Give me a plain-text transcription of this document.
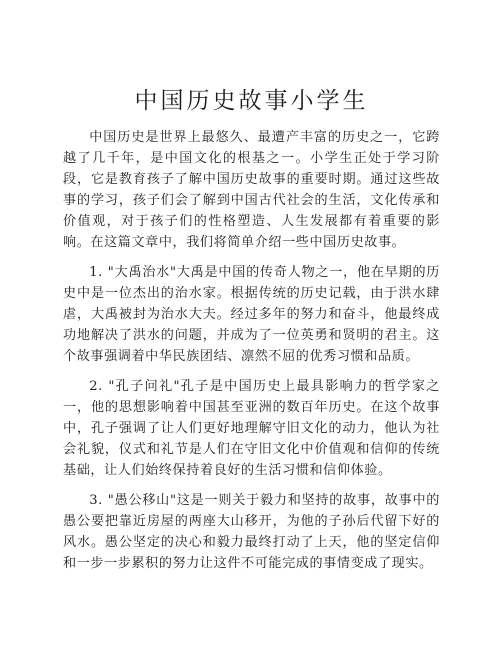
中国历史故事小学生

中国历史是世界上最悠久、最遭产丰富的历史之一，它跨越了几千年，是中国文化的根基之一。小学生正处于学习阶段，它是教育孩子了解中国历史故事的重要时期。通过这些故事的学习，孩子们会了解到中国古代社会的生活，文化传承和价值观，对于孩子们的性格塑造、人生发展都有着重要的影响。在这篇文章中，我们将简单介绍一些中国历史故事。

1. "大禹治水"大禹是中国的传奇人物之一，他在早期的历史中是一位杰出的治水家。根据传统的历史记载，由于洪水肆虐，大禹被封为治水大夫。经过多年的努力和奋斗，他最终成功地解决了洪水的问题，并成为了一位英勇和贤明的君主。这个故事强调着中华民族团结、凛然不屈的优秀习惯和品质。

2. "孔子问礼"孔子是中国历史上最具影响力的哲学家之一，他的思想影响着中国甚至亚洲的数百年历史。在这个故事中，孔子强调了让人们更好地理解守旧文化的动力，他认为社会礼貌，仪式和礼节是人们在守旧文化中价值观和信仰的传统基础，让人们始终保持着良好的生活习惯和信仰体验。

3. "愚公移山"这是一则关于毅力和坚持的故事，故事中的愚公要把靠近房屋的两座大山移开，为他的子孙后代留下好的风水。愚公坚定的决心和毅力最终打动了上天，他的坚定信仰和一步一步累积的努力让这件不可能完成的事情变成了现实。
